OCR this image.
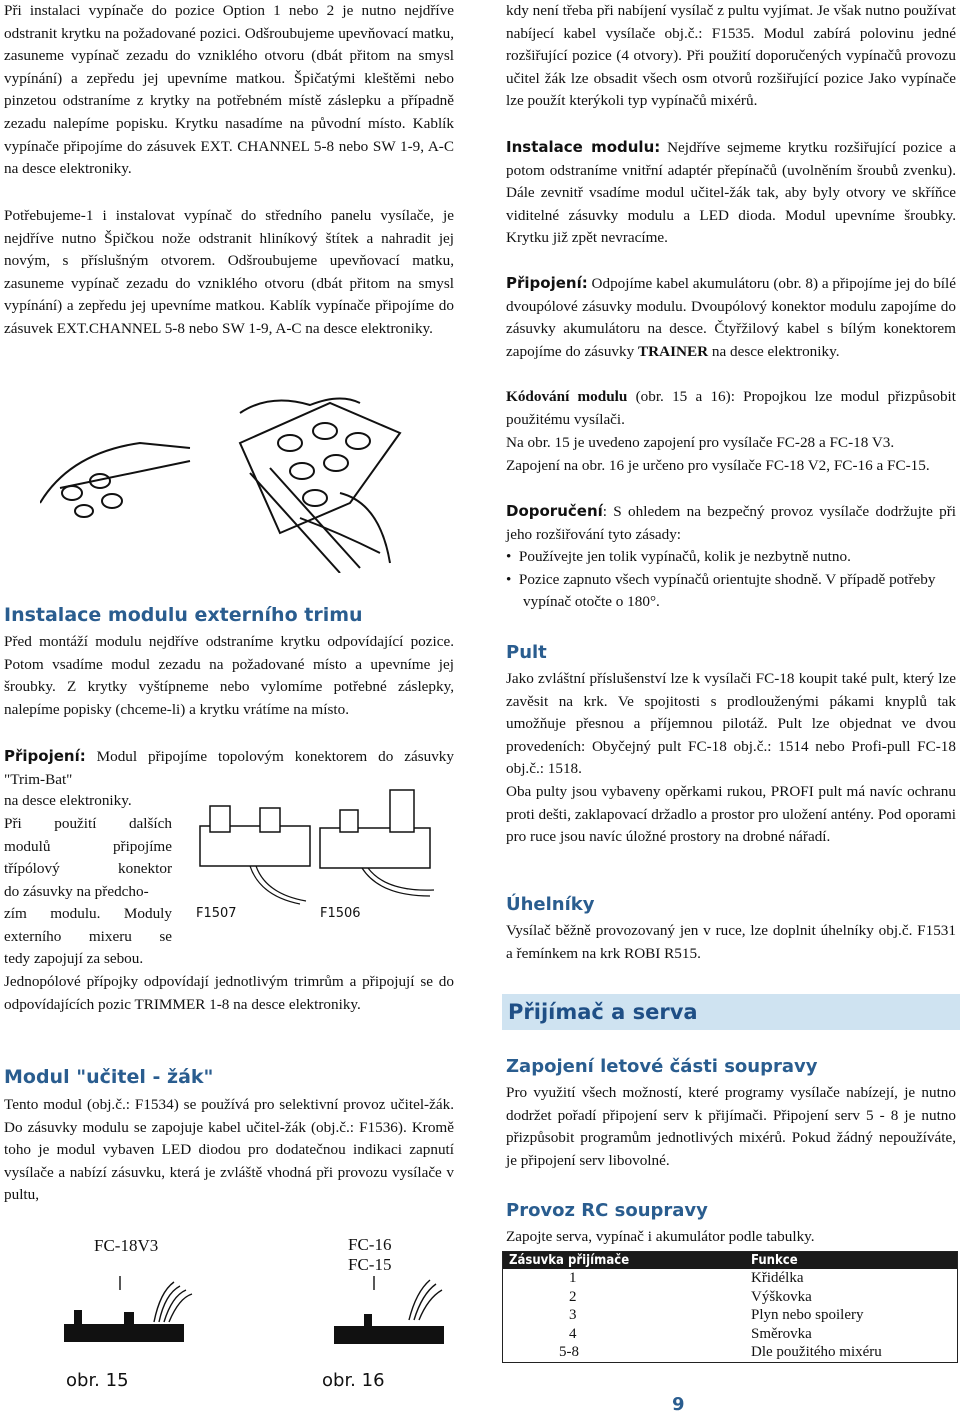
Při instalaci vypínače do pozice Option 1 nebo 2 je nutno nejdříve odstranit krytku na požadované pozici. Odšroubujeme upevňovací matku, zasuneme vypínač zezadu do vzniklého otvoru (dbát přitom na smysl vypínání) a zepředu jej upevníme matkou. Špičatými kleštěmi nebo pinzetou odstraníme z krytky na potřebném místě záslepku a případně zezadu nalepíme popisku. Krytku nasadíme na původní místo. Kablík vypínače připojíme do zásuvek EXT. CHANNEL 5-8 nebo SW 1-9, A-C na desce elektroniky.

Potřebujeme-1 i instalovat vypínač do středního panelu vysílače, je nejdříve nutno Špičkou nože odstranit hliníkový štítek a nahradit jej novým, s příslušným otvorem. Odšroubujeme upevňovací matku, zasuneme vypínač zezadu do vzniklého otvoru (dbát přitom na smysl vypínání) a zepředu jej upevníme matkou. Kablík vypínače připojíme do zásuvek EXT.CHANNEL 5-8 nebo SW 1-9, A-C na desce elektroniky.

Instalace modulu externího trimu

Před montáží modulu nejdříve odstraníme krytku odpovídající pozice. Potom vsadíme modul zezadu na požadované místo a upevníme jej šroubky. Z krytky vyštípneme nebo vylomíme potřebné záslepky, nalepíme popisky (chceme-li) a krytku vrátíme na místo.

Připojení: Modul připojíme topolovým konektorem do zásuvky "Trim-Bat"

na desce elektroniky.

Při použití dalších

modulů připojíme

třípólový konektor

do zásuvky na předcho-

zím modulu. Moduly

externího mixeru se

tedy zapojují za sebou.

F1507	F1506

Jednopólové přípojky odpovídají jednotlivým trimrům a připojují se do odpovídajících pozic TRIMMER 1-8 na desce elektroniky.

Modul "učitel - žák"

Tento modul (obj.č.: F1534) se používá pro selektivní provoz učitel-žák. Do zásuvky modulu se zapojuje kabel učitel-žák (obj.č.: F1536). Kromě toho je modul vybaven LED diodou pro dodatečnou indikaci zapnutí vysílače a nabízí zásuvku, která je zvláště vhodná při provozu vysílače v pultu,

FC-18V3	FC-16
FC-15
obr. 15	obr. 16

kdy není třeba při nabíjení vysílač z pultu vyjímat. Je však nutno používat nabíjecí kabel vysílače obj.č.: F1535. Modul zabírá polovinu jedné rozšiřující pozice (4 otvory). Při použití doporučených vypínačů provozu učitel žák lze obsadit všech osm otvorů rozšiřující pozice Jako vypínače lze použít kterýkoli typ vypínačů mixérů.

Instalace modulu: Nejdříve sejmeme krytku rozšiřující pozice a potom odstraníme vnitřní adaptér přepínačů (uvolněním šroubů zvenku). Dále zevnitř vsadíme modul učitel-žák tak, aby byly otvory ve skříňce viditelné zásuvky modulu a LED dioda. Modul upevníme šroubky. Krytku již zpět nevracíme.

Připojení: Odpojíme kabel akumulátoru (obr. 8) a připojíme jej do bílé dvoupólové zásuvky modulu. Dvoupólový konektor modulu zapojíme do zásuvky akumulátoru na desce. Čtyřžilový kabel s bílým konektorem zapojíme do zásuvky TRAINER na desce elektroniky.

Kódování modulu (obr. 15 a 16): Propojkou lze modul přizpůsobit použitému vysílači.

Na obr. 15 je uvedeno zapojení pro vysílače FC-28 a FC-18 V3.

Zapojení na obr. 16 je určeno pro vysílače FC-18 V2, FC-16 a FC-15.

Doporučení: S ohledem na bezpečný provoz vysílače dodržujte při jeho rozšiřování tyto zásady:

•  Používejte jen tolik vypínačů, kolik je nezbytně nutno.
•  Pozice zapnuto všech vypínačů orientujte shodně. V případě potřeby vypínač otočte o 180°.
Pult

Jako zvláštní příslušenství lze k vysílači FC-18 koupit také pult, který lze zavěsit na krk. Ve spojitosti s prodlouženými pákami knyplů tak umožňuje přesnou a příjemnou pilotáž. Pult lze objednat ve dvou provedeních: Obyčejný pult FC-18 obj.č.: 1514 nebo Profi-pull FC-18 obj.č.: 1518.

Oba pulty jsou vybaveny opěrkami rukou, PROFI pult má navíc ochranu proti dešti, zaklapovací držadlo a prostor pro uložení antény. Pod oporami pro ruce jsou navíc úložné prostory na drobné nářadí.

Úhelníky

Vysílač běžně provozovaný jen v ruce, lze doplnit úhelníky obj.č. F1531 a řemínkem na krk ROBI R515.

Přijímač a serva
Zapojení letové části soupravy

Pro využití všech možností, které programy vysílače nabízejí, je nutno dodržet pořadí připojení serv k přijímači. Připojení serv 5 - 8 je nutno přizpůsobit programům jednotlivých mixérů. Pokud žádný nepoužíváte, je připojení serv libovolné.

Provoz RC soupravy

Zapojte serva, vypínač i akumulátor podle tabulky.

Zásuvka přijímače	Funkce
1	Křidélka
2	Výškovka
3	Plyn nebo spoilery
4	Směrovka
5-8	Dle použitého mixéru
9
